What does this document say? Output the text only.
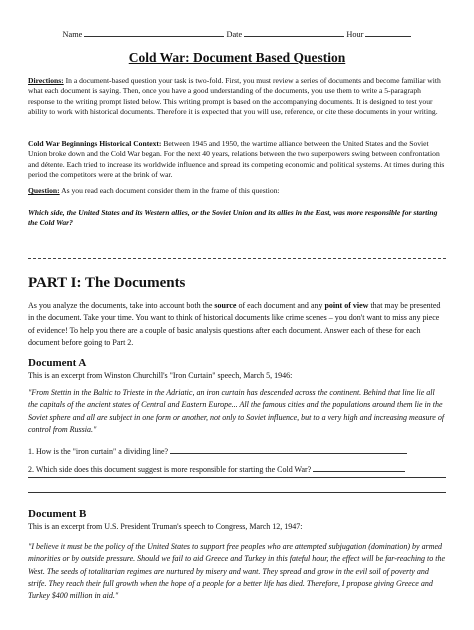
Name	Date	Hour
Cold War: Document Based Question
Directions: In a document-based question your task is two-fold. First, you must review a series of documents and become familiar with what each document is saying. Then, once you have a good understanding of the documents, you use them to write a 5-paragraph response to the writing prompt listed below. This writing prompt is based on the accompanying documents. It is designed to test your ability to work with historical documents. Therefore it is expected that you will use, reference, or cite these documents in your writing.
Cold War Beginnings Historical Context: Between 1945 and 1950, the wartime alliance between the United States and the Soviet Union broke down and the Cold War began. For the next 40 years, relations between the two superpowers swing between confrontation and détente. Each tried to increase its worldwide influence and spread its competing economic and political systems. At times during this period the competitors were at the brink of war.
Question: As you read each document consider them in the frame of this question:
Which side, the United States and its Western allies, or the Soviet Union and its allies in the East, was more responsible for starting the Cold War?
PART I: The Documents
As you analyze the documents, take into account both the source of each document and any point of view that may be presented in the document. Take your time. You want to think of historical documents like crime scenes – you don't want to miss any piece of evidence! To help you there are a couple of basic analysis questions after each document. Answer each of these for each document before going to Part 2.
Document A
This is an excerpt from Winston Churchill's "Iron Curtain" speech, March 5, 1946:
"From Stettin in the Baltic to Trieste in the Adriatic, an iron curtain has descended across the continent. Behind that line lie all the capitals of the ancient states of Central and Eastern Europe... All the famous cities and the populations around them lie in the Soviet sphere and all are subject in one form or another, not only to Soviet influence, but to a very high and increasing measure of control from Russia."
1. How is the "iron curtain" a dividing line?
2. Which side does this document suggest is more responsible for starting the Cold War?
Document B
This is an excerpt from U.S. President Truman's speech to Congress, March 12, 1947:
"I believe it must be the policy of the United States to support free peoples who are attempted subjugation (domination) by armed minorities or by outside pressure. Should we fail to aid Greece and Turkey in this fateful hour, the effect will be far-reaching to the West. The seeds of totalitarian regimes are nurtured by misery and want. They spread and grow in the evil soil of poverty and strife. They reach their full growth when the hope of a people for a better life has died. Therefore, I propose giving Greece and Turkey $400 million in aid."
